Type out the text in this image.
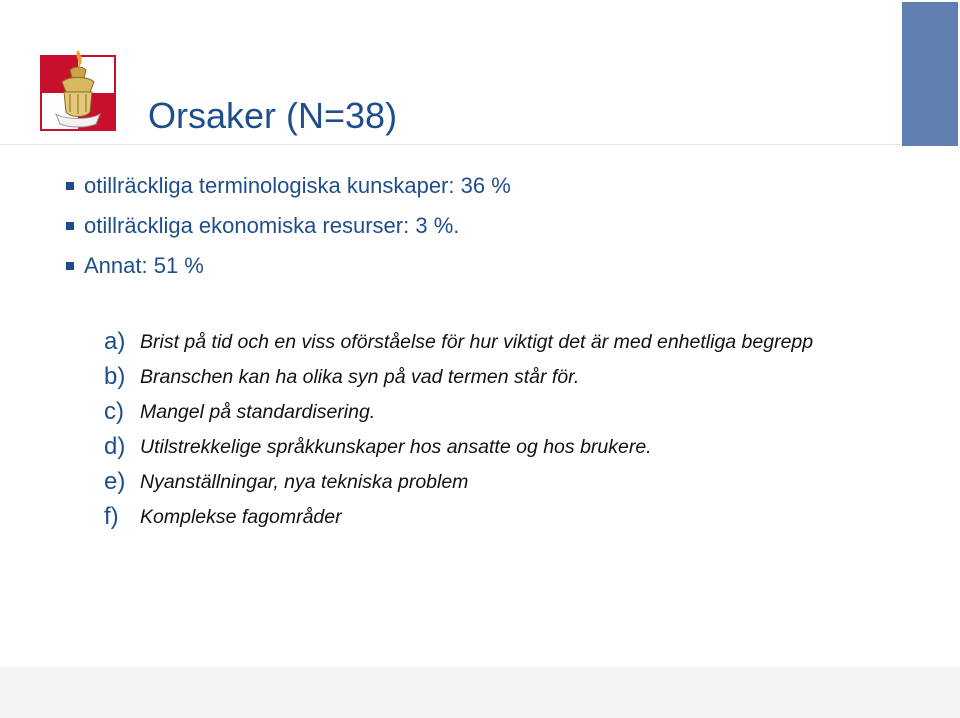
Orsaker (N=38)
otillräckliga terminologiska kunskaper: 36 %
otillräckliga ekonomiska resurser: 3 %.
Annat: 51 %
a) Brist på tid och en viss oförståelse för hur viktigt det är med enhetliga begrepp
b) Branschen kan ha olika syn på vad termen står för.
c) Mangel på standardisering.
d) Utilstrekkelige språkkunskaper hos ansatte og hos brukere.
e) Nyanställningar, nya tekniska problem
f)	Komplekse fagområder
